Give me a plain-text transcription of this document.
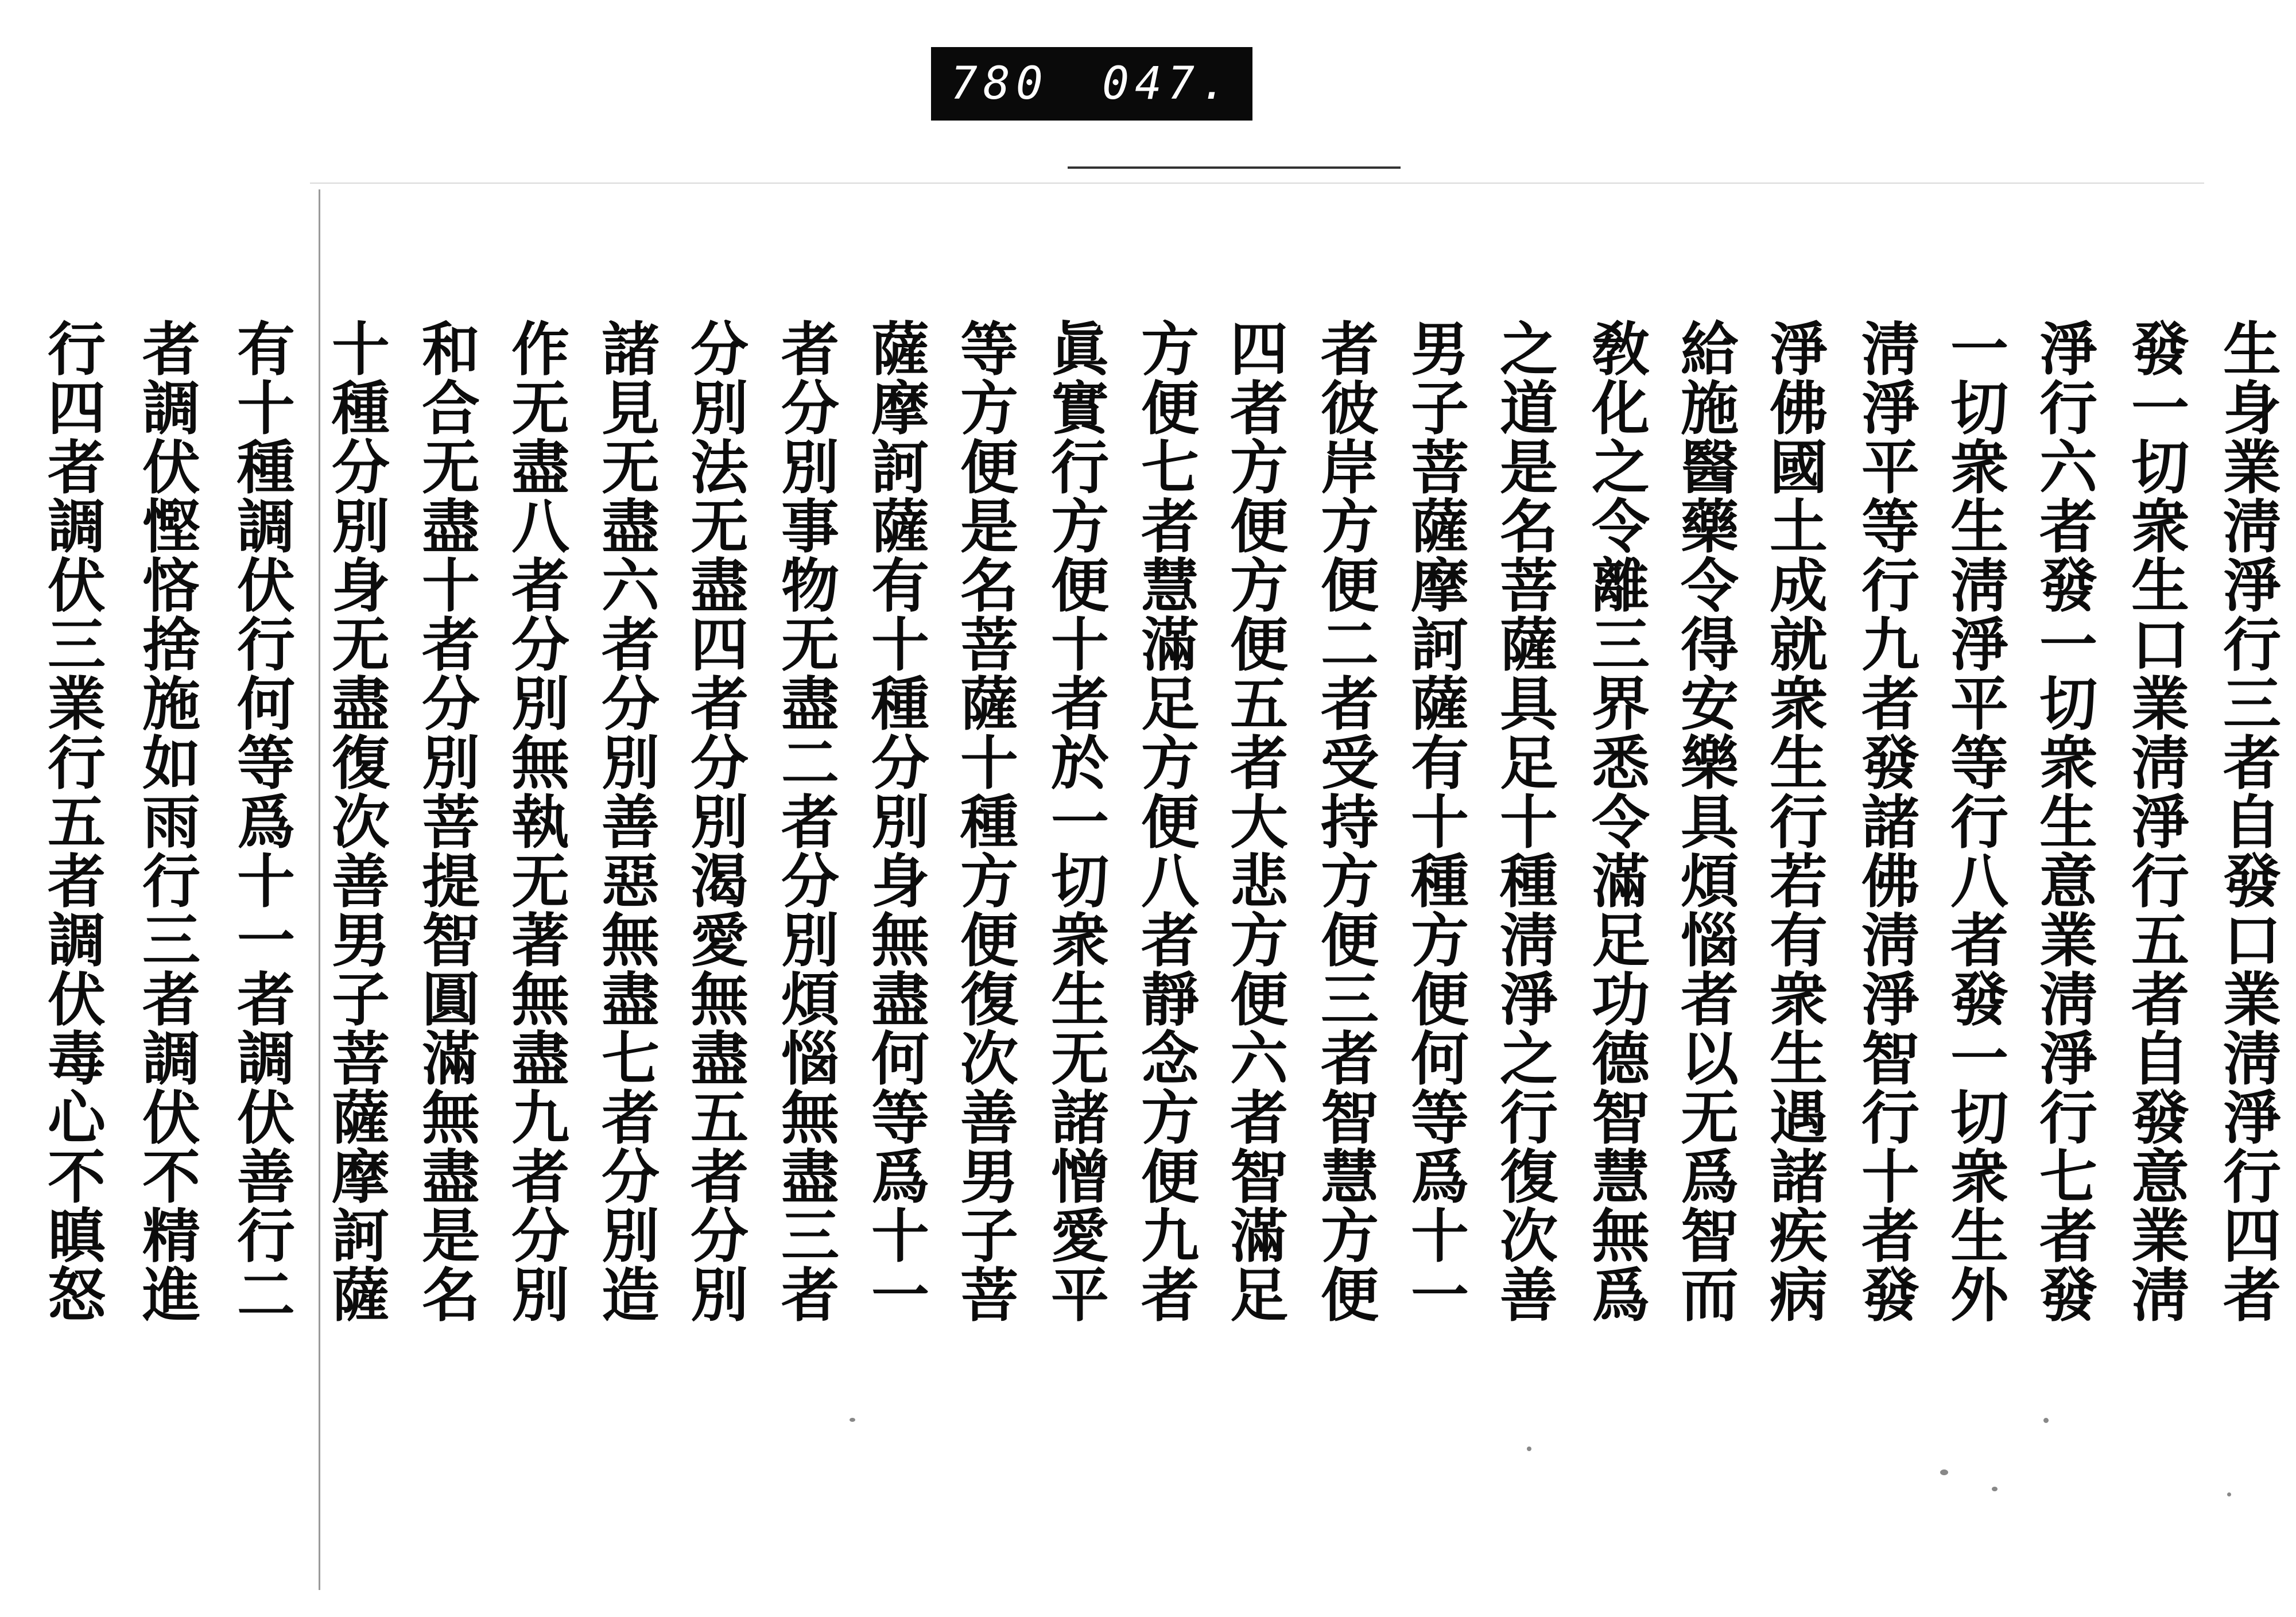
780 047.
生身業淸淨行三者自發口業淸淨行四者
發一切衆生口業淸淨行五者自發意業淸
淨行六者發一切衆生意業淸淨行七者發
一切衆生淸淨平等行八者發一切衆生外
淸淨平等行九者發諸佛淸淨智行十者發
淨佛國土成就衆生行若有衆生遇諸疾病
給施醫藥令得安樂具煩惱者以无爲智而
敎化之令離三界悉令滿足功德智慧無爲
之道是名菩薩具足十種淸淨之行復次善
男子菩薩摩訶薩有十種方便何等爲十一
者彼岸方便二者受持方便三者智慧方便
四者方便方便五者大悲方便六者智滿足
方便七者慧滿足方便八者靜念方便九者
眞實行方便十者於一切衆生无諸憎愛平
等方便是名菩薩十種方便復次善男子菩
薩摩訶薩有十種分別身無盡何等爲十一
者分別事物无盡二者分別煩惱無盡三者
分別法无盡四者分別渴愛無盡五者分別
諸見无盡六者分別善惡無盡七者分別造
作无盡八者分別無執无著無盡九者分別
和合无盡十者分別菩提智圓滿無盡是名
十種分別身无盡復次善男子菩薩摩訶薩
有十種調伏行何等爲十一者調伏善行二
者調伏慳悋捨施如雨行三者調伏不精進
行四者調伏三業行五者調伏毒心不瞋怒
